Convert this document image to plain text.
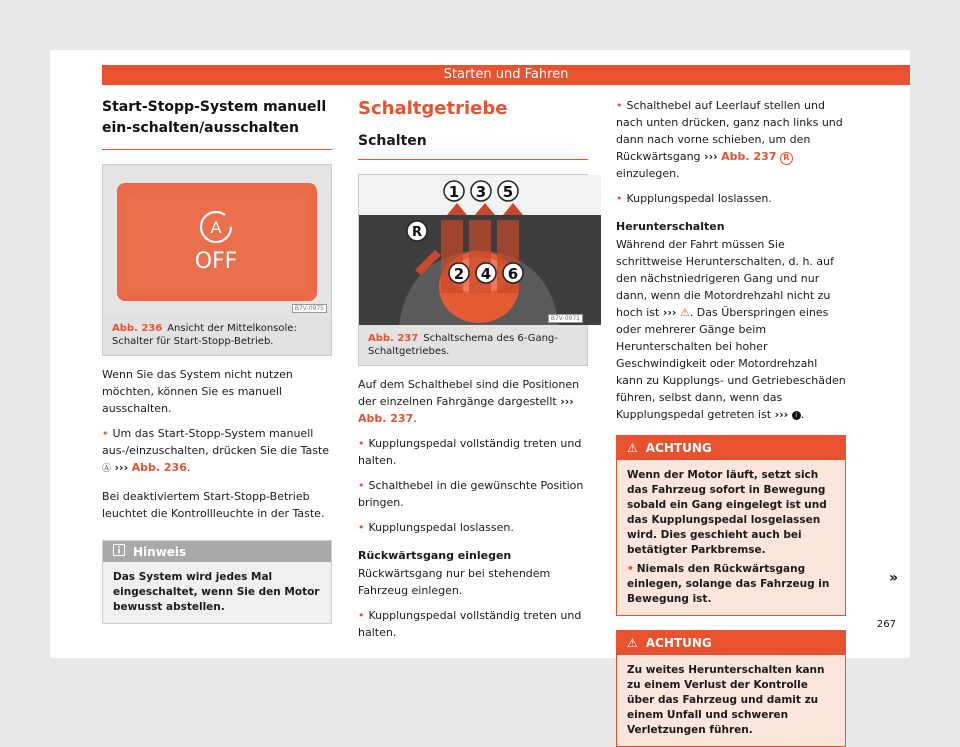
Starten und Fahren
Start-Stopp-System manuell ein-schalten/ausschalten
A
OFF
B7V-0975
Abb. 236 Ansicht der Mittelkonsole: Schalter für Start-Stopp-Betrieb.

Wenn Sie das System nicht nutzen möchten, können Sie es manuell ausschalten.

• Um das Start-Stopp-System manuell aus-/einzuschalten, drücken Sie die Taste Ⓐ ››› Abb. 236.

Bei deaktiviertem Start-Stopp-Betrieb leuchtet die Kontrollleuchte in der Taste.

Hinweis
Das System wird jedes Mal eingeschaltet, wenn Sie den Motor bewusst abstellen.
Schaltgetriebe
Schalten
1 3 5
R
2 4 6
B7V-0971
Abb. 237 Schaltschema des 6-Gang-Schaltgetriebes.

Auf dem Schalthebel sind die Positionen der einzelnen Fahrgänge dargestellt ››› Abb. 237.

• Kupplungspedal vollständig treten und halten.
• Schalthebel in die gewünschte Position bringen.
• Kupplungspedal loslassen.
Rückwärtsgang einlegen

Rückwärtsgang nur bei stehendem Fahrzeug einlegen.

• Kupplungspedal vollständig treten und halten.
• Schalthebel auf Leerlauf stellen und nach unten drücken, ganz nach links und dann nach vorne schieben, um den Rückwärtsgang ››› Abb. 237 R einzulegen.
• Kupplungspedal loslassen.
Herunterschalten

Während der Fahrt müssen Sie schrittweise Herunterschalten, d. h. auf den nächstniedrigeren Gang und nur dann, wenn die Motordrehzahl nicht zu hoch ist ››› ⚠. Das Überspringen eines oder mehrerer Gänge beim Herunterschalten bei hoher Geschwindigkeit oder Motordrehzahl kann zu Kupplungs- und Getriebeschäden führen, selbst dann, wenn das Kupplungspedal getreten ist ››› i .

⚠ ACHTUNG
Wenn der Motor läuft, setzt sich das Fahrzeug sofort in Bewegung sobald ein Gang eingelegt ist und das Kupplungspedal losgelassen wird. Dies geschieht auch bei betätigter Parkbremse.
• Niemals den Rückwärtsgang einlegen, solange das Fahrzeug in Bewegung ist.
⚠ ACHTUNG
Zu weites Herunterschalten kann zu einem Verlust der Kontrolle über das Fahrzeug und damit zu einem Unfall und schweren Verletzungen führen.
»
267
